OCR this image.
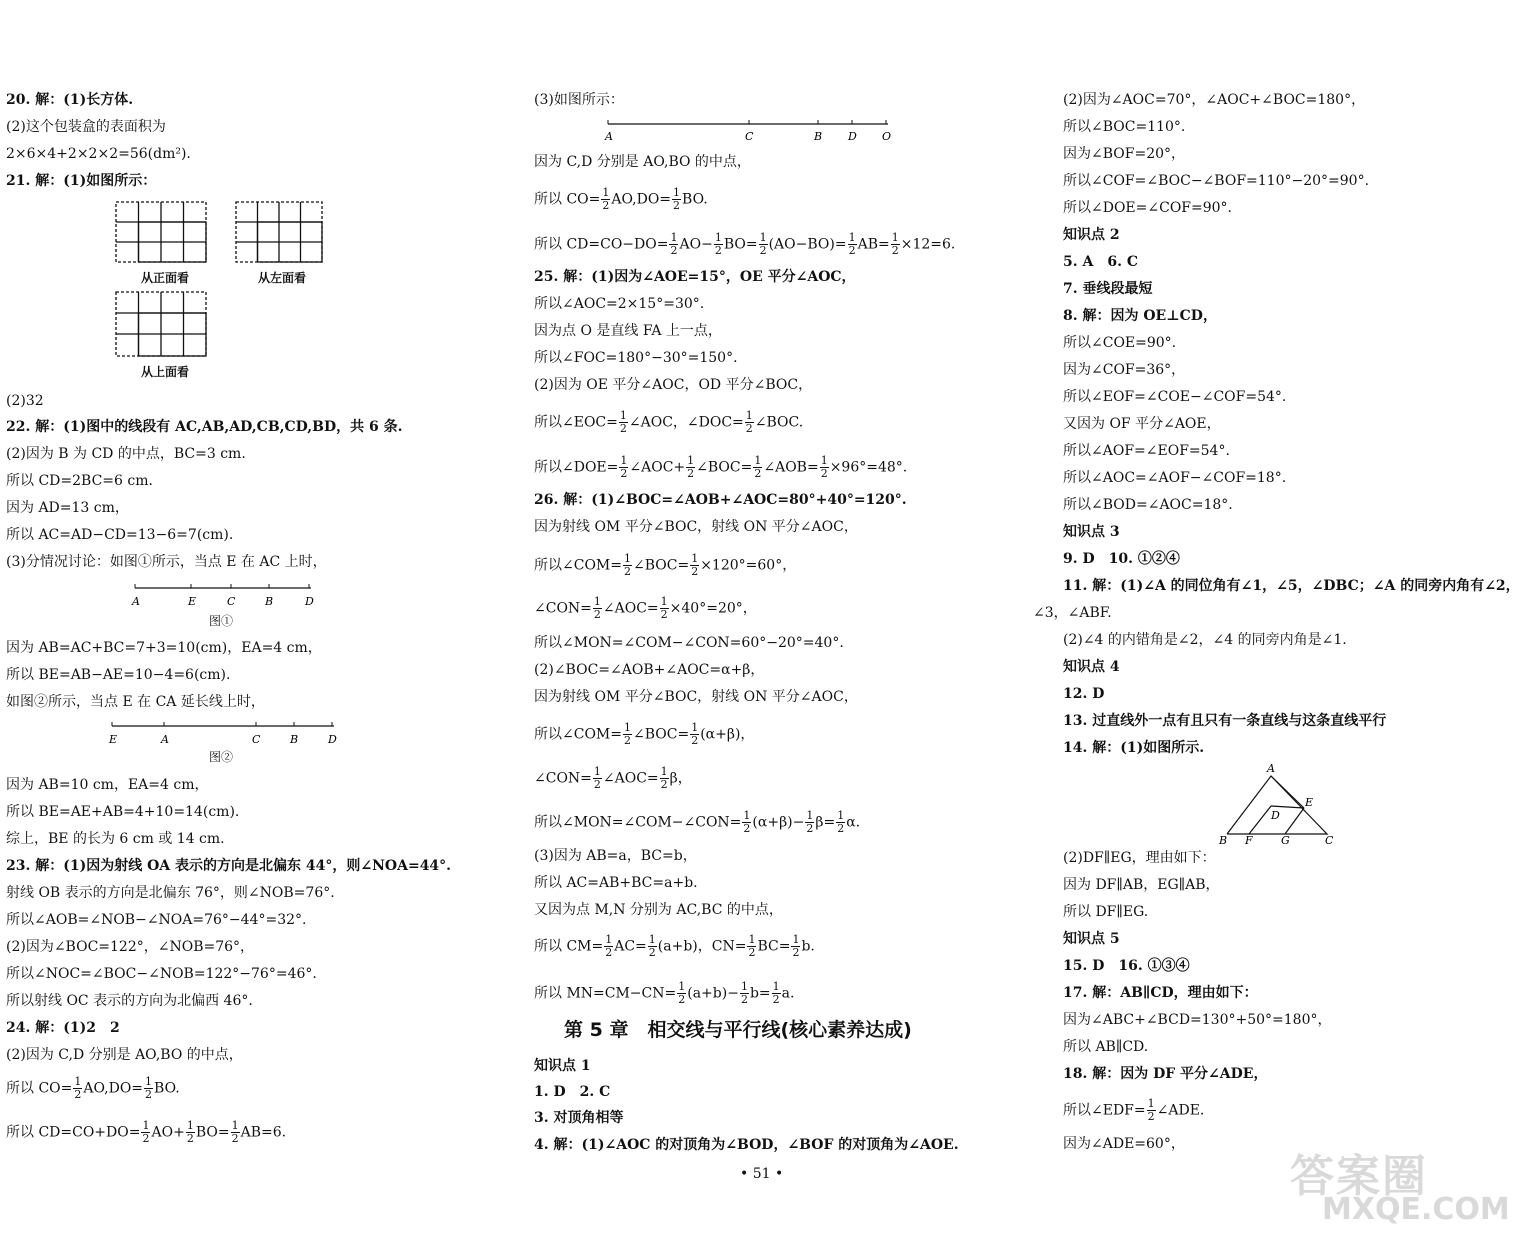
20. 解：(1)长方体.
(2)这个包装盒的表面积为
2×6×4+2×2×2=56(dm²).
21. 解：(1)如图所示：
从正面看	从左面看
从上面看
(2)32
22. 解：(1)图中的线段有 AC,AB,AD,CB,CD,BD，共 6 条.
(2)因为 B 为 CD 的中点，BC=3 cm.
所以 CD=2BC=6 cm.
因为 AD=13 cm，
所以 AC=AD−CD=13−6=7(cm).
(3)分情况讨论：如图①所示，当点 E 在 AC 上时，
A	E	C	B	D
图①
因为 AB=AC+BC=7+3=10(cm)，EA=4 cm，
所以 BE=AB−AE=10−4=6(cm).
如图②所示，当点 E 在 CA 延长线上时，
E	A	C	B	D
图②
因为 AB=10 cm，EA=4 cm，
所以 BE=AE+AB=4+10=14(cm).
综上，BE 的长为 6 cm 或 14 cm.
23. 解：(1)因为射线 OA 表示的方向是北偏东 44°，则∠NOA=44°.
射线 OB 表示的方向是北偏东 76°，则∠NOB=76°.
所以∠AOB=∠NOB−∠NOA=76°−44°=32°.
(2)因为∠BOC=122°，∠NOB=76°，
所以∠NOC=∠BOC−∠NOB=122°−76°=46°.
所以射线 OC 表示的方向为北偏西 46°.
24. 解：(1)2　2
(2)因为 C,D 分别是 AO,BO 的中点，
所以 $CO= \frac{1}{2} AO,DO= \frac{1}{2}$ BO.
所以 $CD=CO+DO= \frac{1}{2} AO+ \frac{1}{2} BO= \frac{1}{2} AB=6$.
(3)如图所示：
A	C	B D O
因为 C,D 分别是 AO,BO 的中点，
所以 $CO= \frac{1}{2} AO,DO= \frac{1}{2}$ BO.
所以 $CD=CO-DO= \frac{1}{2} AO- \frac{1}{2} BO= \frac{1}{2} (AO-BO)= \frac{1}{2} AB= \frac{1}{2} \times 12=6$.
25. 解：(1)因为∠AOE=15°，OE 平分∠AOC，
所以∠AOC=2×15°=30°.
因为点 O 是直线 FA 上一点，
所以∠FOC=180°−30°=150°.
(2)因为 OE 平分∠AOC，OD 平分∠BOC，
所以∠EOC= $\frac{1}{2}$ ∠AOC，∠DOC= $\frac{1}{2}$ ∠BOC.
所以∠DOE= $\frac{1}{2}$ ∠AOC+ $\frac{1}{2}$ ∠BOC= $\frac{1}{2}$ ∠AOB= $\frac{1}{2} \times 96^\circ=48^\circ$.
26. 解：(1)∠BOC=∠AOB+∠AOC=80°+40°=120°.
因为射线 OM 平分∠BOC，射线 ON 平分∠AOC，
所以∠COM= $\frac{1}{2}$ ∠BOC= $\frac{1}{2} \times 120^\circ=60^\circ$，
∠CON= $\frac{1}{2}$ ∠AOC= $\frac{1}{2} \times 40^\circ=20^\circ$，
所以∠MON=∠COM−∠CON=60°−20°=40°.
(2)∠BOC=∠AOB+∠AOC=α+β，
因为射线 OM 平分∠BOC，射线 ON 平分∠AOC，
所以∠COM= $\frac{1}{2}$ ∠BOC= $\frac{1}{2} (\alpha+\beta)$，
∠CON= $\frac{1}{2}$ ∠AOC= $\frac{1}{2}$ β，
所以∠MON=∠COM−∠CON= $\frac{1}{2} (\alpha+\beta)- \frac{1}{2} \beta= \frac{1}{2} \alpha$.
(3)因为 AB=a，BC=b，
所以 AC=AB+BC=a+b.
又因为点 M,N 分别为 AC,BC 的中点，
所以 $CM= \frac{1}{2} AC= \frac{1}{2} (a+b)$，$CN= \frac{1}{2} BC= \frac{1}{2} b$.
所以 $MN=CM-CN= \frac{1}{2} (a+b)- \frac{1}{2} b= \frac{1}{2} a$.
第 5 章　相交线与平行线(核心素养达成)
知识点 1
1. D　2. C
3. 对顶角相等
4. 解：(1)∠AOC 的对顶角为∠BOD，∠BOF 的对顶角为∠AOE.
(2)因为∠AOC=70°，∠AOC+∠BOC=180°，
所以∠BOC=110°.
因为∠BOF=20°，
所以∠COF=∠BOC−∠BOF=110°−20°=90°.
所以∠DOE=∠COF=90°.
知识点 2
5. A　6. C
7. 垂线段最短
8. 解：因为 OE⊥CD，
所以∠COE=90°.
因为∠COF=36°，
所以∠EOF=∠COE−∠COF=54°.
又因为 OF 平分∠AOE，
所以∠AOF=∠EOF=54°.
所以∠AOC=∠AOF−∠COF=18°.
所以∠BOD=∠AOC=18°.
知识点 3
9. D　10. ①②④
11. 解：(1)∠A 的同位角有∠1，∠5，∠DBC；∠A 的同旁内角有∠2，
∠3，∠ABF.
(2)∠4 的内错角是∠2，∠4 的同旁内角是∠1.
知识点 4
12. D
13. 过直线外一点有且只有一条直线与这条直线平行
14. 解：(1)如图所示.
A
E
D
B F	G	C
(2)DF∥EG，理由如下：
因为 DF∥AB，EG∥AB，
所以 DF∥EG.
知识点 5
15. D　16. ①③④
17. 解：AB∥CD，理由如下：
因为∠ABC+∠BCD=130°+50°=180°，
所以 AB∥CD.
18. 解：因为 DF 平分∠ADE，
所以∠EDF= $\frac{1}{2}$ ∠ADE.
因为∠ADE=60°，
• 51 •	答案圈
MXQE.COM
